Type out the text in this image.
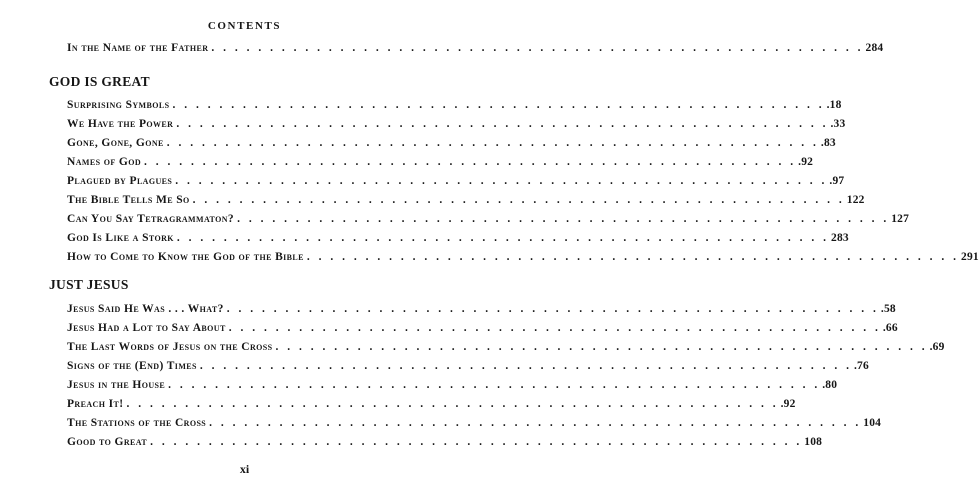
CONTENTS
In the Name of the Father . . . . . . . . . . . . . . . . . . . . . . . . . . . . . . . . . . . . . . . . . . . . . . . . . . . . . . . . 284
GOD IS GREAT
Surprising Symbols . . . . . . . . . . . . . . . . . . . . . . . . . . . . . . . . . . . . . . . . . . . . . . . . . . . . . . . . .18
We Have the Power . . . . . . . . . . . . . . . . . . . . . . . . . . . . . . . . . . . . . . . . . . . . . . . . . . . . . . . . .33
Gone, Gone, Gone . . . . . . . . . . . . . . . . . . . . . . . . . . . . . . . . . . . . . . . . . . . . . . . . . . . . . . . . .83
Names of God . . . . . . . . . . . . . . . . . . . . . . . . . . . . . . . . . . . . . . . . . . . . . . . . . . . . . . . . .92
Plagued by Plagues . . . . . . . . . . . . . . . . . . . . . . . . . . . . . . . . . . . . . . . . . . . . . . . . . . . . . . . . .97
The Bible Tells Me So . . . . . . . . . . . . . . . . . . . . . . . . . . . . . . . . . . . . . . . . . . . . . . . . . . . . . . . . 122
Can You Say Tetragrammaton? . . . . . . . . . . . . . . . . . . . . . . . . . . . . . . . . . . . . . . . . . . . . . . . . . . . . . . . . 127
God Is Like a Stork . . . . . . . . . . . . . . . . . . . . . . . . . . . . . . . . . . . . . . . . . . . . . . . . . . . . . . . . 283
How to Come to Know the God of the Bible . . . . . . . . . . . . . . . . . . . . . . . . . . . . . . . . . . . . . . . . . . . . . . . . . . . . . . . . 291
JUST JESUS
Jesus Said He Was . . . What? . . . . . . . . . . . . . . . . . . . . . . . . . . . . . . . . . . . . . . . . . . . . . . . . . . . . . . . . .58
Jesus Had a Lot to Say About . . . . . . . . . . . . . . . . . . . . . . . . . . . . . . . . . . . . . . . . . . . . . . . . . . . . . . . . .66
The Last Words of Jesus on the Cross . . . . . . . . . . . . . . . . . . . . . . . . . . . . . . . . . . . . . . . . . . . . . . . . . . . . . . . . .69
Signs of the (End) Times . . . . . . . . . . . . . . . . . . . . . . . . . . . . . . . . . . . . . . . . . . . . . . . . . . . . . . . . .76
Jesus in the House . . . . . . . . . . . . . . . . . . . . . . . . . . . . . . . . . . . . . . . . . . . . . . . . . . . . . . . . .80
Preach It! . . . . . . . . . . . . . . . . . . . . . . . . . . . . . . . . . . . . . . . . . . . . . . . . . . . . . . . . .92
The Stations of the Cross . . . . . . . . . . . . . . . . . . . . . . . . . . . . . . . . . . . . . . . . . . . . . . . . . . . . . . . . 104
Good to Great . . . . . . . . . . . . . . . . . . . . . . . . . . . . . . . . . . . . . . . . . . . . . . . . . . . . . . . . 108
xi
